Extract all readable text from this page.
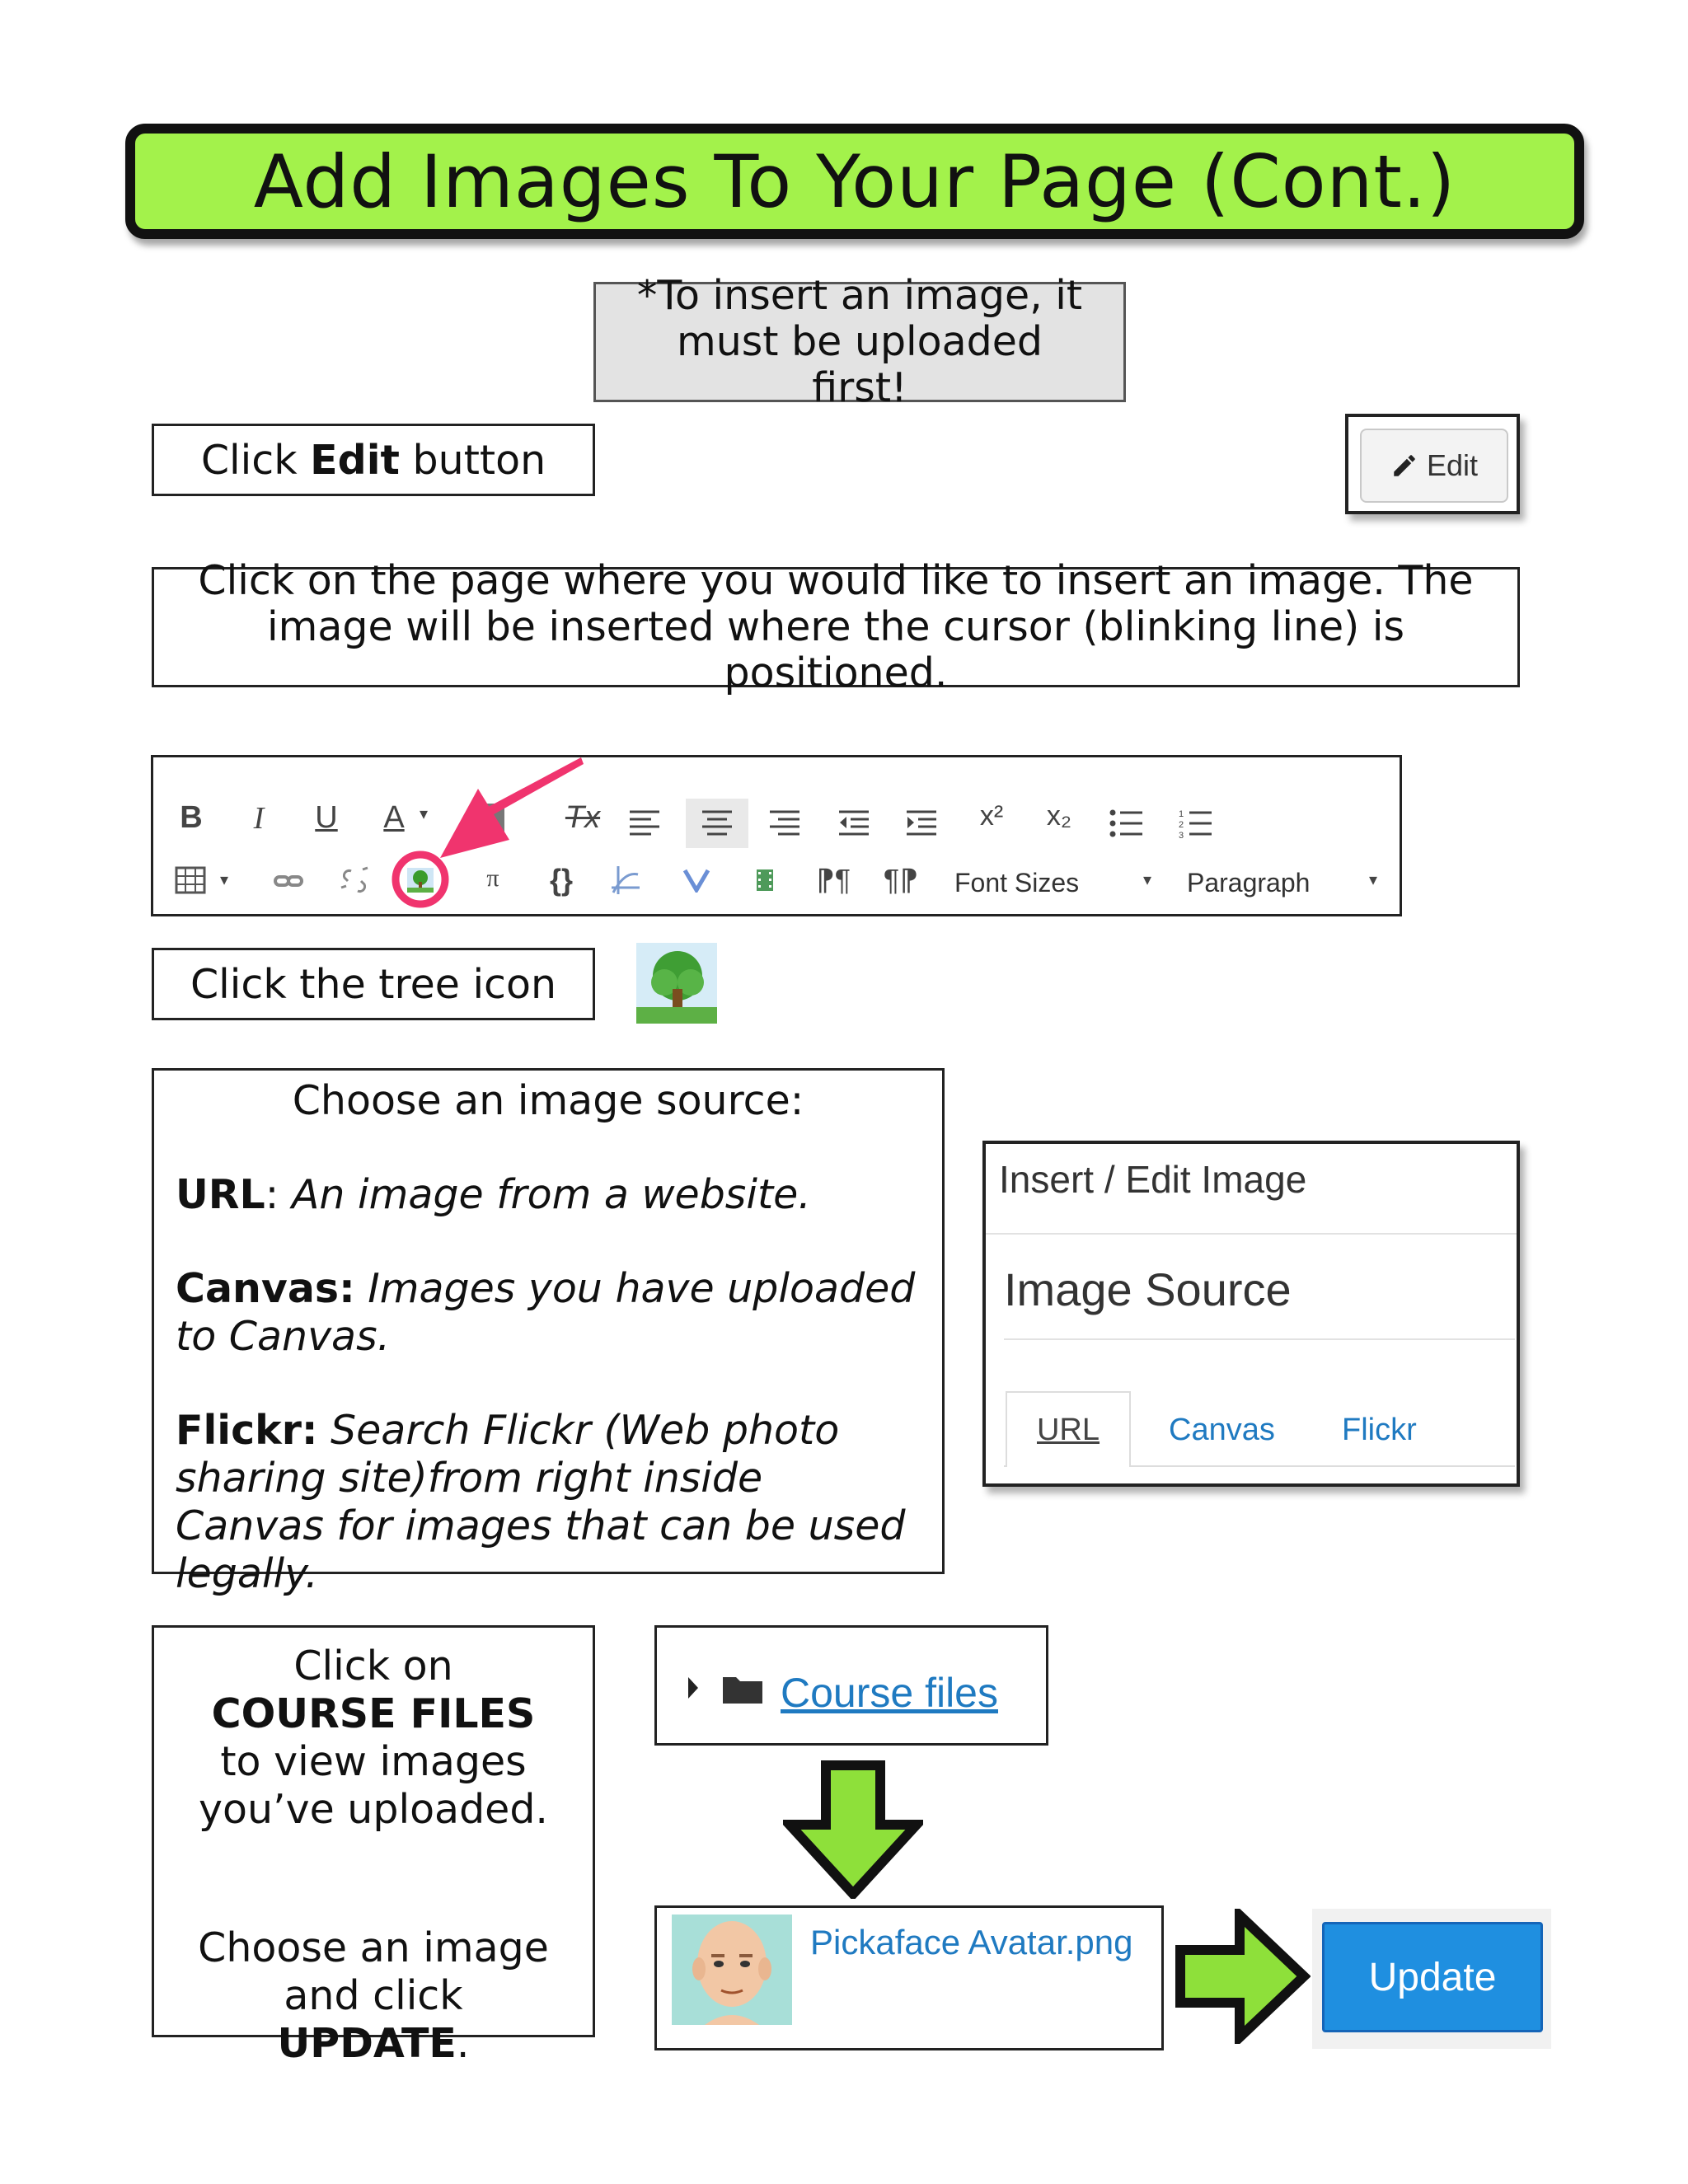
Add Images To Your Page (Cont.)
*To insert an image, it must be uploaded first!
Click Edit button	Edit
Click on the page where you would like to insert an image. The image will be inserted where the cursor (blinking line) is positioned.
B	I	U A ▾	Tx	x²	x₂	1
2
3
▾	π	{}	⁋¶ ¶⁋ Font Sizes	▾ Paragraph	▾
Click the tree icon
Choose an image source:
URL: An image from a website.
Canvas: Images you have uploaded to Canvas.
Flickr: Search Flickr (Web photo sharing site)from right inside Canvas for images that can be used legally.
Insert / Edit Image
Image Source
URL Canvas Flickr
Click on
COURSE FILES
to view images you’ve uploaded.
Choose an image and click UPDATE.
Course files
Pickaface Avatar.png
Update
